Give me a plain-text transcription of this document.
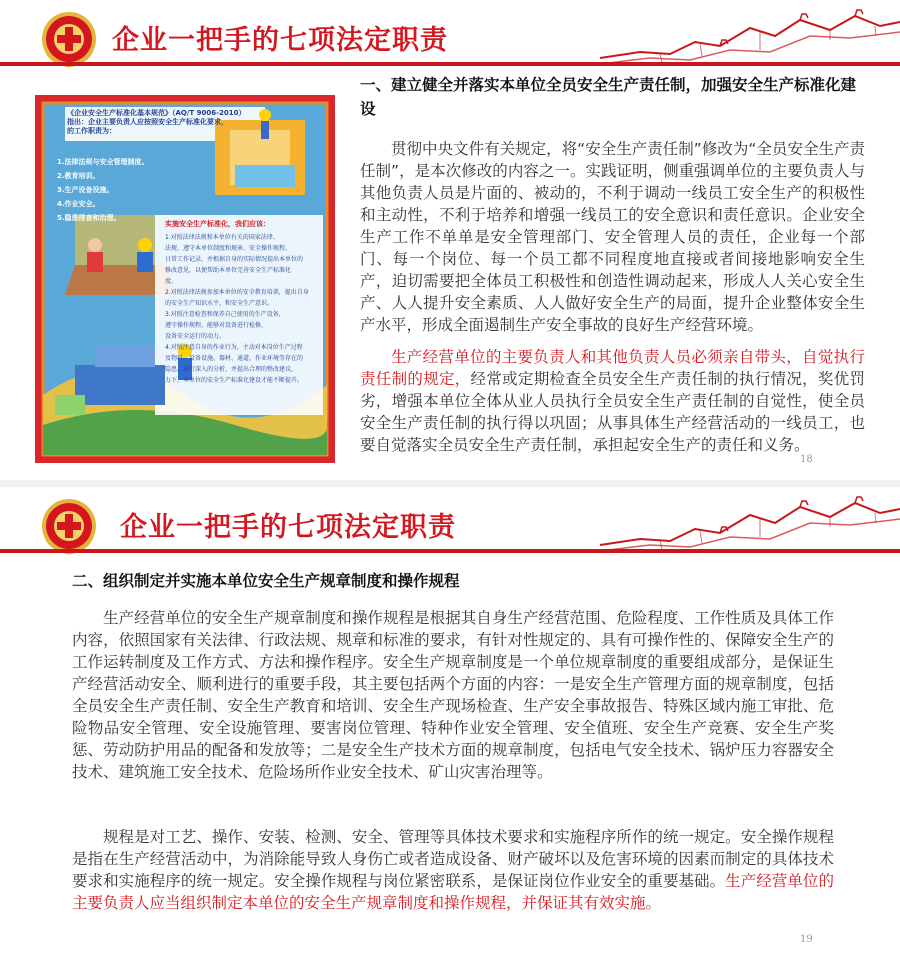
企业一把手的七项法定职责
《企业安全生产标准化基本规范》（AQ/T 9006-2010）
指出：企业主要负责人应按照安全生产标准化要求，
的工作职责为：
1.法律法规与安全管理制度。
2.教育培训。
3.生产设备设施。
4.作业安全。
5.隐患排查和治理。
实施安全生产标准化，我们应该：
1.对照法律法规和本单位有关的国家法律、
法规、遵守本单位制度和规章、安全操作规程、
日常工作记录，并根据自身的实际情况提出本单位的
修改意见，以便帮助本单位完善安全生产标准化
度。
2.对照法律法规参加本单位的安全教育培训，提出自身
的安全生产知识水平，和安全生产意识。
3.对照注意检查和保养自己使用的生产设备，
遵守操作规程，能够对设备进行检修，
设备安全运行的动力。
4.对照注意自身的作业行为，主动对本岗位生产过程
及物料、设备设施、器材、通道、作业环境等存在的
隐患，进行深入的分析，并提出合理的整改建议，
力下，本单位的安全生产标准化建设才能不断提升。
一、建立健全并落实本单位全员安全生产责任制，加强安全生产标准化建设

贯彻中央文件有关规定，将“安全生产责任制”修改为“全员安全生产责任制”，是本次修改的内容之一。实践证明，侧重强调单位的主要负责人与其他负责人员是片面的、被动的，不利于调动一线员工安全生产的积极性和主动性，不利于培养和增强一线员工的安全意识和责任意识。企业安全生产工作不单单是安全管理部门、安全管理人员的责任，企业每一个部门、每一个岗位、每一个员工都不同程度地直接或者间接地影响安全生产，迫切需要把全体员工积极性和创造性调动起来，形成人人关心安全生产、人人提升安全素质、人人做好安全生产的局面，提升企业整体安全生产水平，形成全面遏制生产安全事故的良好生产经营环境。

生产经营单位的主要负责人和其他负责人员必须亲自带头，自觉执行责任制的规定，经常或定期检查全员安全生产责任制的执行情况，奖优罚劣，增强本单位全体从业人员执行全员安全生产责任制的自觉性，使全员安全生产责任制的执行得以巩固；从事具体生产经营活动的一线员工，也要自觉落实全员安全生产责任制，承担起安全生产的责任和义务。

18
企业一把手的七项法定职责
二、组织制定并实施本单位安全生产规章制度和操作规程

生产经营单位的安全生产规章制度和操作规程是根据其自身生产经营范围、危险程度、工作性质及具体工作内容，依照国家有关法律、行政法规、规章和标准的要求，有针对性规定的、具有可操作性的、保障安全生产的工作运转制度及工作方式、方法和操作程序。安全生产规章制度是一个单位规章制度的重要组成部分，是保证生产经营活动安全、顺利进行的重要手段，其主要包括两个方面的内容：一是安全生产管理方面的规章制度，包括全员安全生产责任制、安全生产教育和培训、安全生产现场检查、生产安全事故报告、特殊区域内施工审批、危险物品安全管理、安全设施管理、要害岗位管理、特种作业安全管理、安全值班、安全生产竞赛、安全生产奖惩、劳动防护用品的配备和发放等；二是安全生产技术方面的规章制度，包括电气安全技术、锅炉压力容器安全技术、建筑施工安全技术、危险场所作业安全技术、矿山灾害治理等。

规程是对工艺、操作、安装、检测、安全、管理等具体技术要求和实施程序所作的统一规定。安全操作规程是指在生产经营活动中，为消除能导致人身伤亡或者造成设备、财产破坏以及危害环境的因素而制定的具体技术要求和实施程序的统一规定。安全操作规程与岗位紧密联系，是保证岗位作业安全的重要基础。生产经营单位的主要负责人应当组织制定本单位的安全生产规章制度和操作规程，并保证其有效实施。

19
